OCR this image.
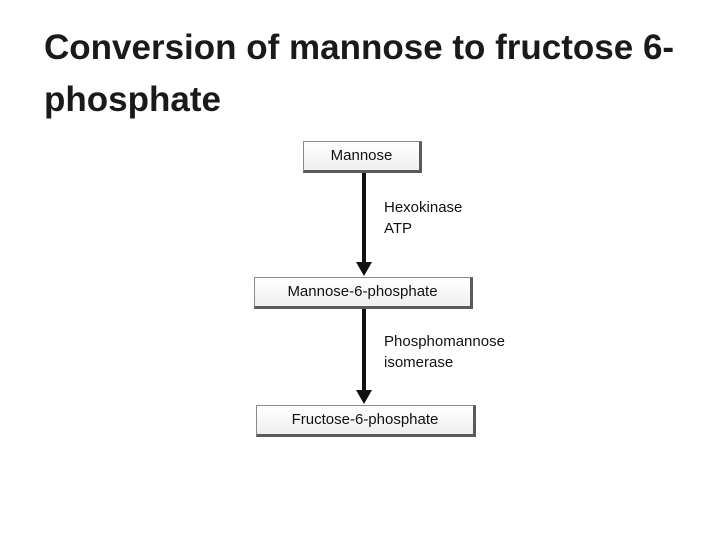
Conversion of mannose to fructose 6-phosphate
Mannose
Hexokinase
ATP
Mannose-6-phosphate
Phosphomannose
isomerase
Fructose-6-phosphate
